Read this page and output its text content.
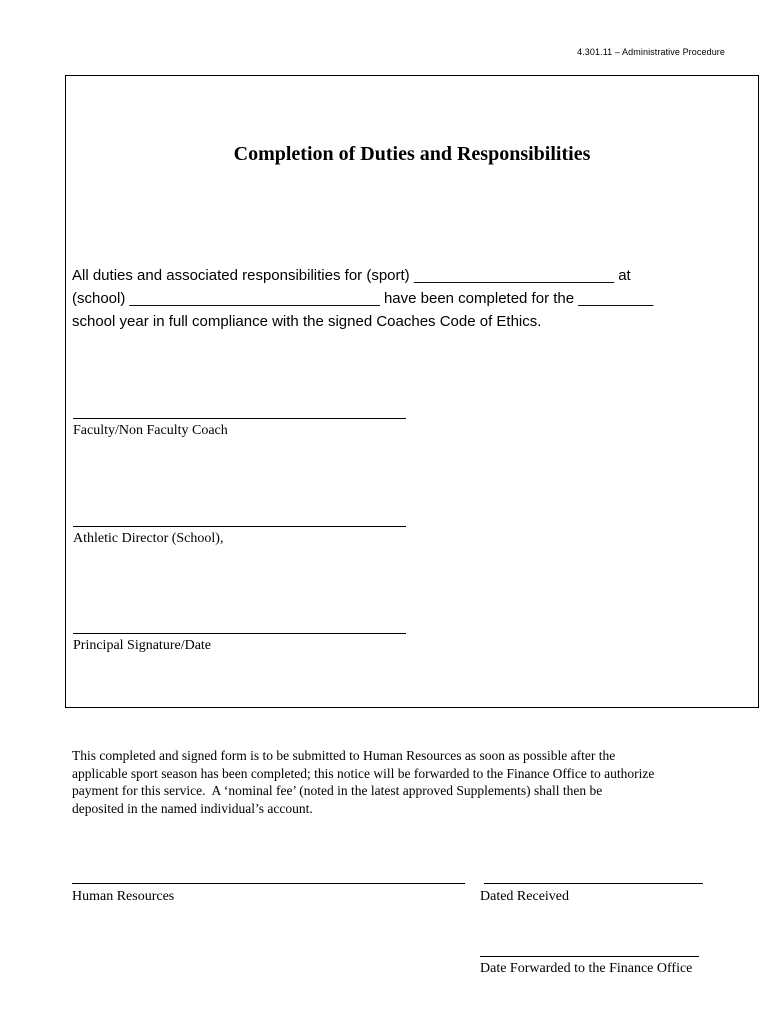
4.301.11 – Administrative Procedure
Completion of Duties and Responsibilities
All duties and associated responsibilities for (sport) ________________________ at
(school) ______________________________ have been completed for the _________
school year in full compliance with the signed Coaches Code of Ethics.
Faculty/Non Faculty Coach
Athletic Director (School),
Principal Signature/Date
This completed and signed form is to be submitted to Human Resources as soon as possible after the
applicable sport season has been completed; this notice will be forwarded to the Finance Office to authorize
payment for this service.  A ‘nominal fee’ (noted in the latest approved Supplements) shall then be
deposited in the named individual’s account.
Human Resources	Dated Received
Date Forwarded to the Finance Office
